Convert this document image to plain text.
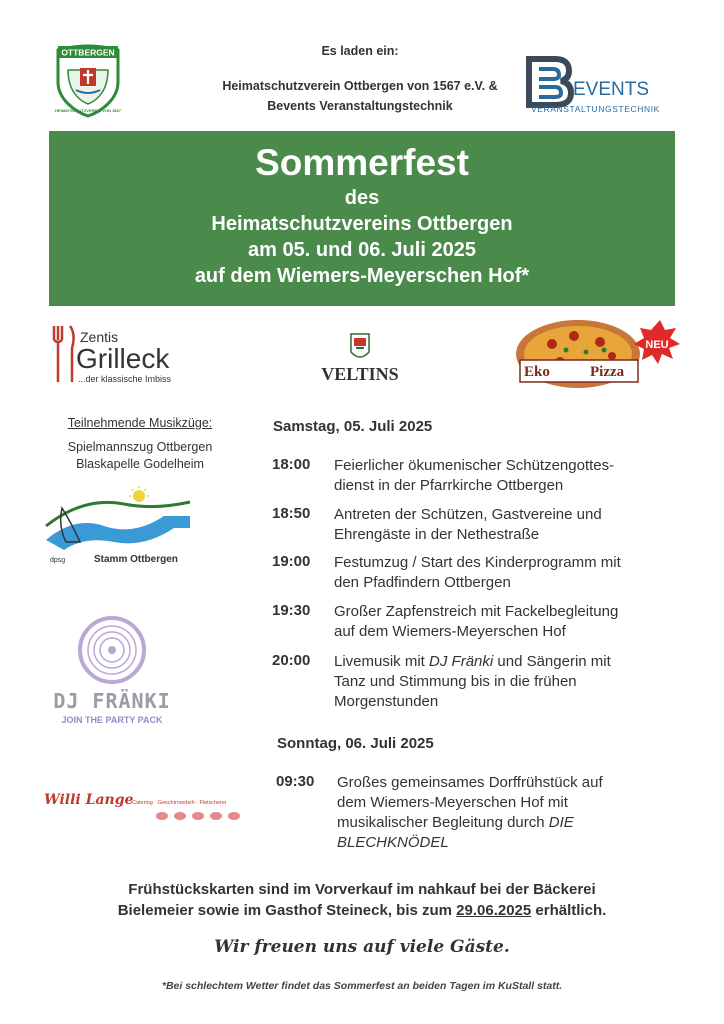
OTTBERGEN
HEIMATSCHUTZVEREIN VON 1567
Es laden ein:
Heimatschutzverein Ottbergen von 1567 e.V. &
Bevents Veranstaltungstechnik
EVENTS
VERANSTALTUNGSTECHNIK
Sommerfest
des
Heimatschutzvereins Ottbergen
am 05. und 06. Juli 2025
auf dem Wiemers-Meyerschen Hof*
Zentis
Grilleck
...der klassische Imbiss	VELTINS	Eko	Pizza
NEU
Teilnehmende Musikzüge:
Spielmannszug Ottbergen
Blaskapelle Godelheim
dpsg	Stamm Ottbergen
DJ FRÄNKI
JOIN THE PARTY PACK
Willi Lange
Catering · Geschirrverleih · Fleischerei
Samstag, 05. Juli 2025
18:00 Feierlicher ökumenischer Schützengottes-
dienst in der Pfarrkirche Ottbergen
18:50 Antreten der Schützen, Gastvereine und
Ehrengäste in der Nethestraße
19:00 Festumzug / Start des Kinderprogramm mit
den Pfadfindern Ottbergen
19:30 Großer Zapfenstreich mit Fackelbegleitung
auf dem Wiemers-Meyerschen Hof
20:00 Livemusik mit DJ Fränki und Sängerin mit
Tanz und Stimmung bis in die frühen
Morgenstunden
Sonntag, 06. Juli 2025
09:30 Großes gemeinsames Dorffrühstück auf
dem Wiemers-Meyerschen Hof mit
musikalischer Begleitung durch DIE
BLECHKNÖDEL
Frühstückskarten sind im Vorverkauf im nahkauf bei der Bäckerei
Bielemeier sowie im Gasthof Steineck, bis zum 29.06.2025 erhältlich.
Wir freuen uns auf viele Gäste.
*Bei schlechtem Wetter findet das Sommerfest an beiden Tagen im KuStall statt.
